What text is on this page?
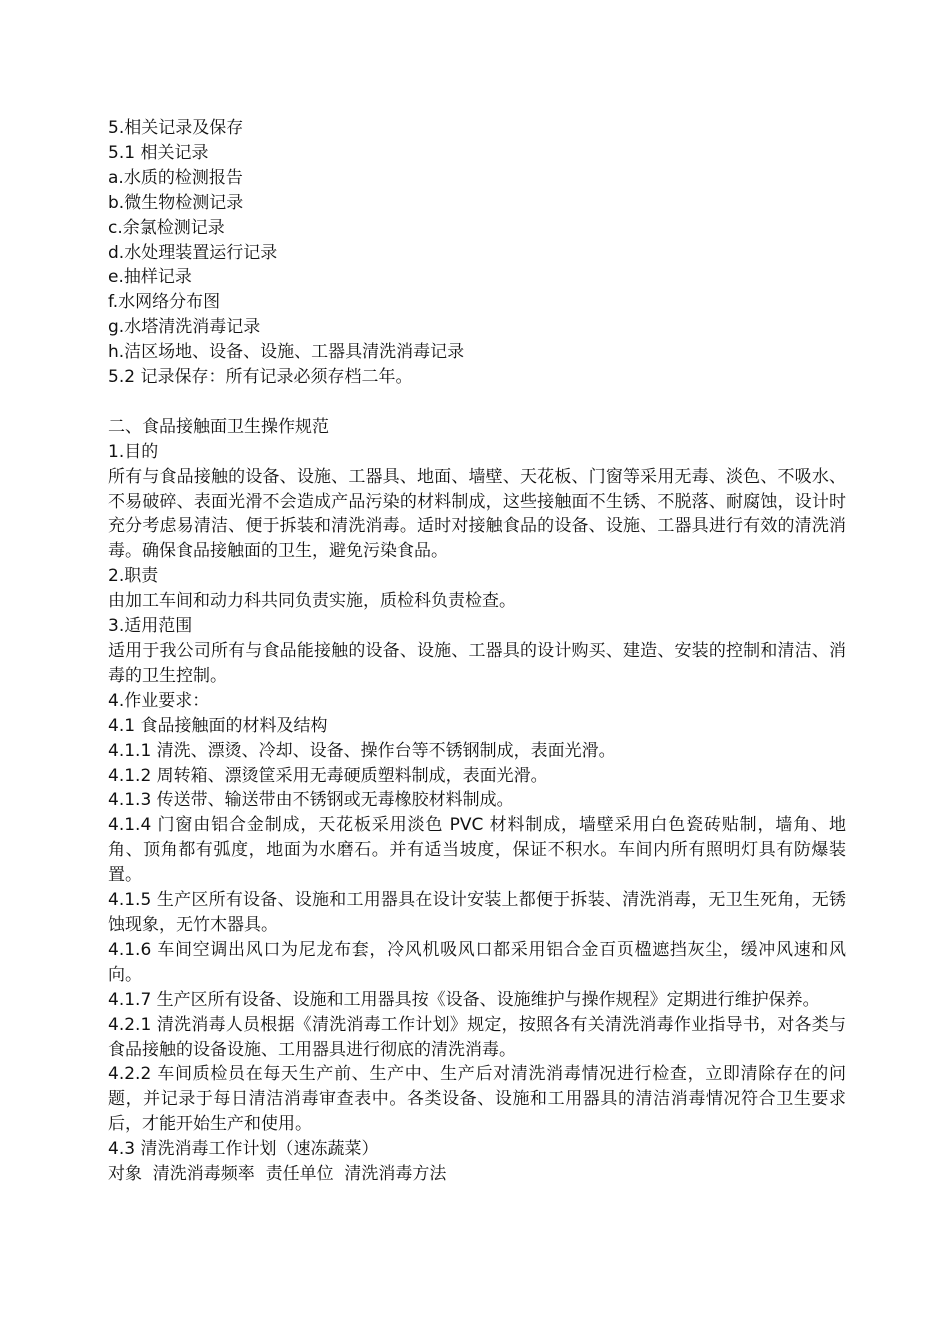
5.相关记录及保存

5.1 相关记录

a.水质的检测报告

b.微生物检测记录

c.余氯检测记录

d.水处理装置运行记录

e.抽样记录

f.水网络分布图

g.水塔清洗消毒记录

h.洁区场地、设备、设施、工器具清洗消毒记录

5.2 记录保存：所有记录必须存档二年。

二、食品接触面卫生操作规范

1.目的

所有与食品接触的设备、设施、工器具、地面、墙壁、天花板、门窗等采用无毒、淡色、不吸水、不易破碎、表面光滑不会造成产品污染的材料制成，这些接触面不生锈、不脱落、耐腐蚀，设计时充分考虑易清洁、便于拆装和清洗消毒。适时对接触食品的设备、设施、工器具进行有效的清洗消毒。确保食品接触面的卫生，避免污染食品。

2.职责

由加工车间和动力科共同负责实施，质检科负责检查。

3.适用范围

适用于我公司所有与食品能接触的设备、设施、工器具的设计购买、建造、安装的控制和清洁、消毒的卫生控制。

4.作业要求：

4.1 食品接触面的材料及结构

4.1.1 清洗、漂烫、冷却、设备、操作台等不锈钢制成，表面光滑。

4.1.2 周转箱、漂烫筐采用无毒硬质塑料制成，表面光滑。

4.1.3 传送带、输送带由不锈钢或无毒橡胶材料制成。

4.1.4 门窗由铝合金制成，天花板采用淡色 PVC 材料制成，墙壁采用白色瓷砖贴制，墙角、地角、顶角都有弧度，地面为水磨石。并有适当坡度，保证不积水。车间内所有照明灯具有防爆装置。

4.1.5 生产区所有设备、设施和工用器具在设计安装上都便于拆装、清洗消毒，无卫生死角，无锈蚀现象，无竹木器具。

4.1.6 车间空调出风口为尼龙布套，冷风机吸风口都采用铝合金百页楹遮挡灰尘，缓冲风速和风向。

4.1.7 生产区所有设备、设施和工用器具按《设备、设施维护与操作规程》定期进行维护保养。

4.2.1 清洗消毒人员根据《清洗消毒工作计划》规定，按照各有关清洗消毒作业指导书，对各类与食品接触的设备设施、工用器具进行彻底的清洗消毒。

4.2.2 车间质检员在每天生产前、生产中、生产后对清洗消毒情况进行检查，立即清除存在的问题，并记录于每日清洁消毒审查表中。各类设备、设施和工用器具的清洁消毒情况符合卫生要求后，才能开始生产和使用。

4.3 清洗消毒工作计划（速冻蔬菜）

对象  清洗消毒频率  责任单位  清洗消毒方法
